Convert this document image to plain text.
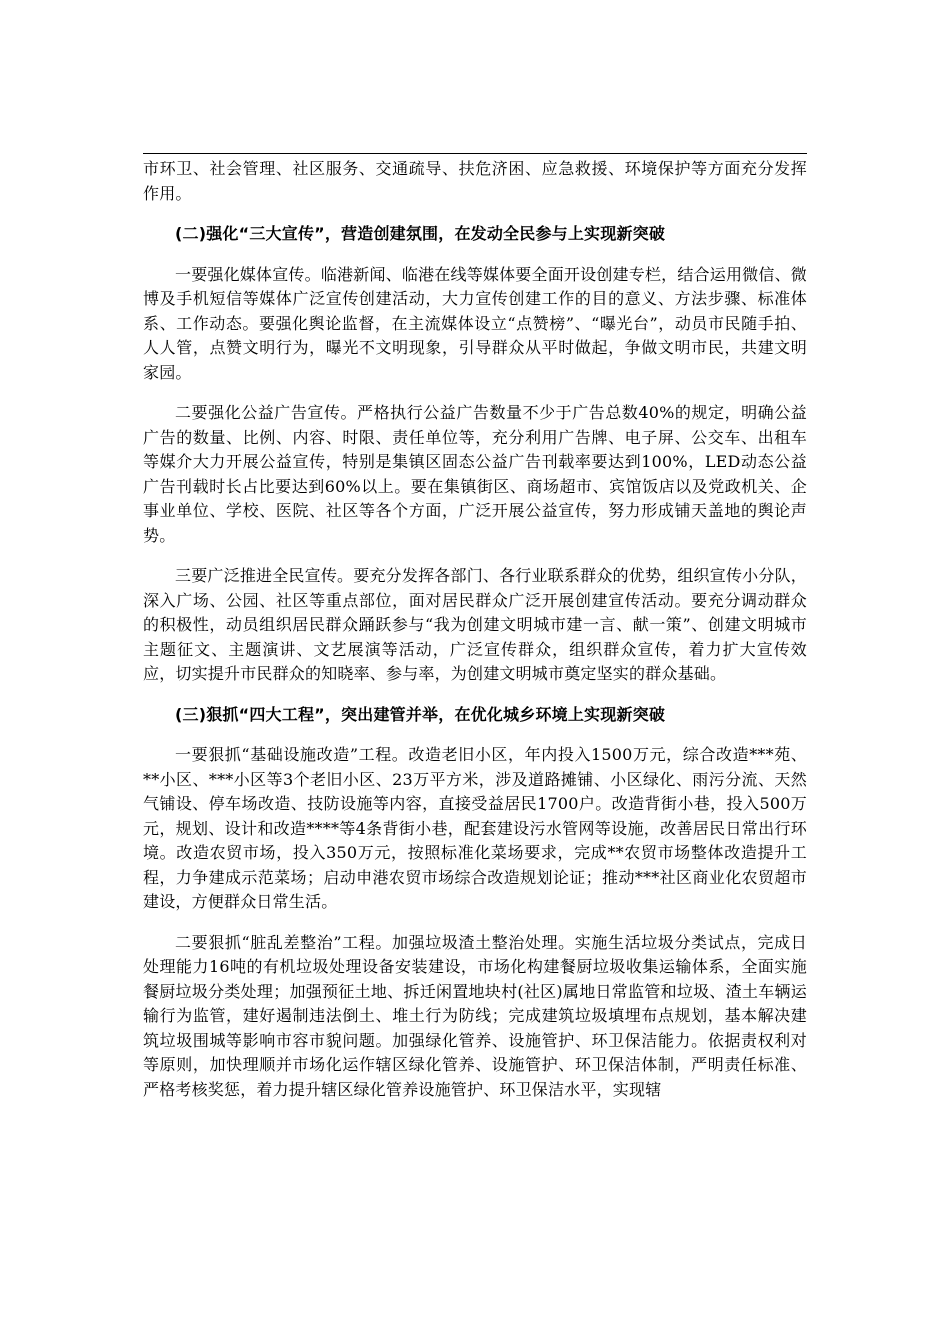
市环卫、社会管理、社区服务、交通疏导、扶危济困、应急救援、环境保护等方面充分发挥作用。

(二)强化“三大宣传”，营造创建氛围，在发动全民参与上实现新突破

一要强化媒体宣传。临港新闻、临港在线等媒体要全面开设创建专栏，结合运用微信、微博及手机短信等媒体广泛宣传创建活动，大力宣传创建工作的目的意义、方法步骤、标准体系、工作动态。要强化舆论监督，在主流媒体设立“点赞榜”、“曝光台”，动员市民随手拍、人人管，点赞文明行为，曝光不文明现象，引导群众从平时做起，争做文明市民，共建文明家园。

二要强化公益广告宣传。严格执行公益广告数量不少于广告总数40%的规定，明确公益广告的数量、比例、内容、时限、责任单位等，充分利用广告牌、电子屏、公交车、出租车等媒介大力开展公益宣传，特别是集镇区固态公益广告刊载率要达到100%，LED动态公益广告刊载时长占比要达到60%以上。要在集镇街区、商场超市、宾馆饭店以及党政机关、企事业单位、学校、医院、社区等各个方面，广泛开展公益宣传，努力形成铺天盖地的舆论声势。

三要广泛推进全民宣传。要充分发挥各部门、各行业联系群众的优势，组织宣传小分队，深入广场、公园、社区等重点部位，面对居民群众广泛开展创建宣传活动。要充分调动群众的积极性，动员组织居民群众踊跃参与“我为创建文明城市建一言、献一策”、创建文明城市主题征文、主题演讲、文艺展演等活动，广泛宣传群众，组织群众宣传，着力扩大宣传效应，切实提升市民群众的知晓率、参与率，为创建文明城市奠定坚实的群众基础。

(三)狠抓“四大工程”，突出建管并举，在优化城乡环境上实现新突破

一要狠抓“基础设施改造”工程。改造老旧小区，年内投入1500万元，综合改造***苑、**小区、***小区等3个老旧小区、23万平方米，涉及道路摊铺、小区绿化、雨污分流、天然气铺设、停车场改造、技防设施等内容，直接受益居民1700户。改造背街小巷，投入500万元，规划、设计和改造****等4条背街小巷，配套建设污水管网等设施，改善居民日常出行环境。改造农贸市场，投入350万元，按照标准化菜场要求，完成**农贸市场整体改造提升工程，力争建成示范菜场；启动申港农贸市场综合改造规划论证；推动***社区商业化农贸超市建设，方便群众日常生活。

二要狠抓“脏乱差整治”工程。加强垃圾渣土整治处理。实施生活垃圾分类试点，完成日处理能力16吨的有机垃圾处理设备安装建设，市场化构建餐厨垃圾收集运输体系，全面实施餐厨垃圾分类处理；加强预征土地、拆迁闲置地块村(社区)属地日常监管和垃圾、渣土车辆运输行为监管，建好遏制违法倒土、堆土行为防线；完成建筑垃圾填埋布点规划，基本解决建筑垃圾围城等影响市容市貌问题。加强绿化管养、设施管护、环卫保洁能力。依据责权利对等原则，加快理顺并市场化运作辖区绿化管养、设施管护、环卫保洁体制，严明责任标准、严格考核奖惩，着力提升辖区绿化管养设施管护、环卫保洁水平，实现辖
